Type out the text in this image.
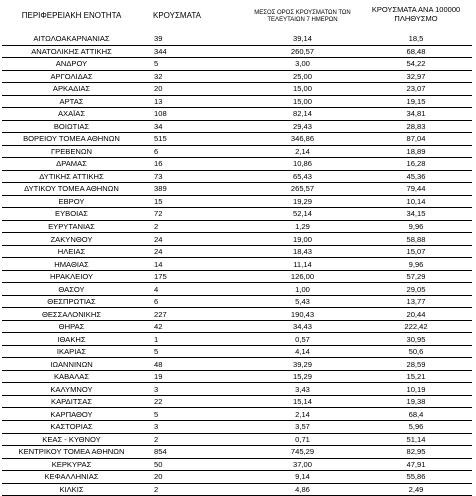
ΠΕΡΙΦΕΡΕΙΑΚΗ ΕΝΟΤΗΤΑ	ΚΡΟΥΣΜΑΤΑ	ΜΕΣΟΣ ΟΡΟΣ ΚΡΟΥΣΜΑΤΩΝ ΤΩΝ ΤΕΛΕΥΤΑΙΩΝ 7 ΗΜΕΡΩΝ	ΚΡΟΥΣΜΑΤΑ ΑΝΑ 100000 ΠΛΗΘΥΣΜΟ
ΑΙΤΩΛΟΑΚΑΡΝΑΝΙΑΣ	39	39,14	18,5
ΑΝΑΤΟΛΙΚΗΣ ΑΤΤΙΚΗΣ	344	260,57	68,48
ΑΝΔΡΟΥ	5	3,00	54,22
ΑΡΓΟΛΙΔΑΣ	32	25,00	32,97
ΑΡΚΑΔΙΑΣ	20	15,00	23,07
ΑΡΤΑΣ	13	15,00	19,15
ΑΧΑΪΑΣ	108	82,14	34,81
ΒΟΙΩΤΙΑΣ	34	29,43	28,83
ΒΟΡΕΙΟΥ ΤΟΜΕΑ ΑΘΗΝΩΝ	515	346,86	87,04
ΓΡΕΒΕΝΩΝ	6	2,14	18,89
ΔΡΑΜΑΣ	16	10,86	16,28
ΔΥΤΙΚΗΣ ΑΤΤΙΚΗΣ	73	65,43	45,36
ΔΥΤΙΚΟΥ ΤΟΜΕΑ ΑΘΗΝΩΝ	389	265,57	79,44
ΕΒΡΟΥ	15	19,29	10,14
ΕΥΒΟΙΑΣ	72	52,14	34,15
ΕΥΡΥΤΑΝΙΑΣ	2	1,29	9,96
ΖΑΚΥΝΘΟΥ	24	19,00	58,88
ΗΛΕΙΑΣ	24	18,43	15,07
ΗΜΑΘΙΑΣ	14	11,14	9,96
ΗΡΑΚΛΕΙΟΥ	175	126,00	57,29
ΘΑΣΟΥ	4	1,00	29,05
ΘΕΣΠΡΩΤΙΑΣ	6	5,43	13,77
ΘΕΣΣΑΛΟΝΙΚΗΣ	227	190,43	20,44
ΘΗΡΑΣ	42	34,43	222,42
ΙΘΑΚΗΣ	1	0,57	30,95
ΙΚΑΡΙΑΣ	5	4,14	50,6
ΙΩΑΝΝΙΝΩΝ	48	39,29	28,59
ΚΑΒΑΛΑΣ	19	15,29	15,21
ΚΑΛΥΜΝΟΥ	3	3,43	10,19
ΚΑΡΔΙΤΣΑΣ	22	15,14	19,38
ΚΑΡΠΑΘΟΥ	5	2,14	68,4
ΚΑΣΤΟΡΙΑΣ	3	3,57	5,96
ΚΕΑΣ - ΚΥΘΝΟΥ	2	0,71	51,14
ΚΕΝΤΡΙΚΟΥ ΤΟΜΕΑ ΑΘΗΝΩΝ	854	745,29	82,95
ΚΕΡΚΥΡΑΣ	50	37,00	47,91
ΚΕΦΑΛΛΗΝΙΑΣ	20	9,14	55,86
ΚΙΛΚΙΣ	2	4,86	2,49
